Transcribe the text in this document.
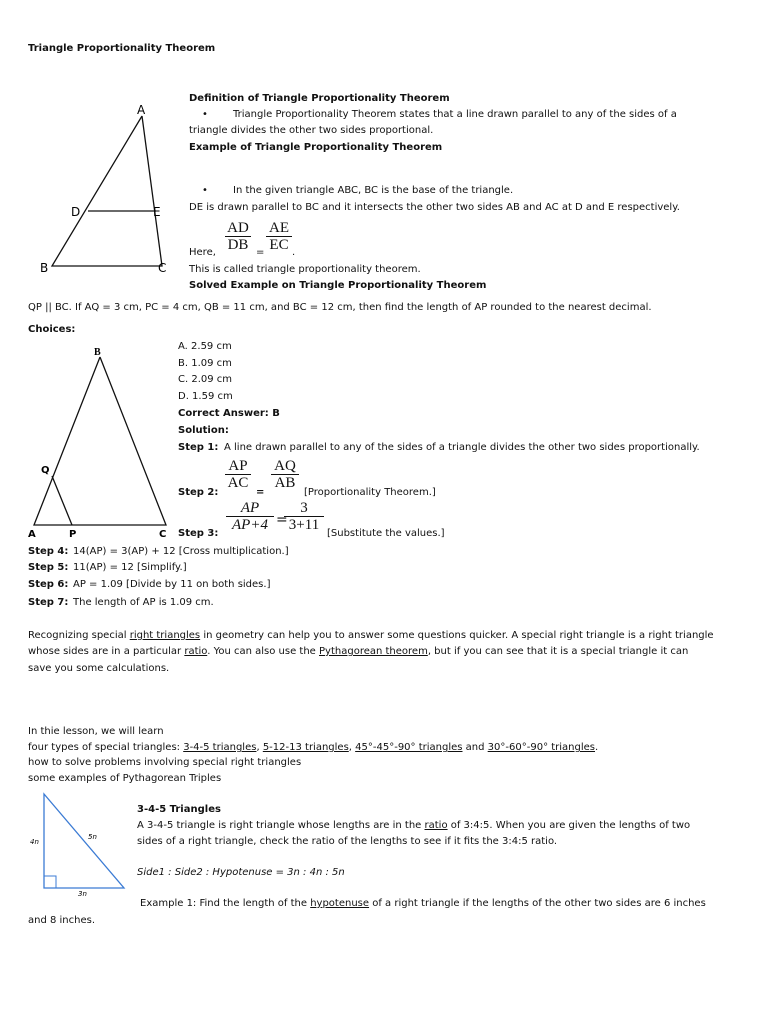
Triangle Proportionality Theorem
A
D	E
B	C
Definition of Triangle Proportionality Theorem
•	Triangle Proportionality Theorem states that a line drawn parallel to any of the sides of a
triangle divides the other two sides proportional.
Example of Triangle Proportionality Theorem
•	In the given triangle ABC, BC is the base of the triangle.
DE is drawn parallel to BC and it intersects the other two sides AB and AC at D and E respectively.
Here, $\frac{AD}{DB} = \frac{AE}{EC}$ .
This is called triangle proportionality theorem.
Solved Example on Triangle Proportionality Theorem
QP || BC. If AQ = 3 cm, PC = 4 cm, QB = 11 cm, and BC = 12 cm, then find the length of AP rounded to the nearest decimal.
Choices:
B
Q
A	P	C
A. 2.59 cm
B. 1.09 cm
C. 2.09 cm
D. 1.59 cm
Correct Answer: B
Solution:
Step 1: A line drawn parallel to any of the sides of a triangle divides the other two sides proportionally.
Step 2:
$\frac{AP}{AC}$
=
$\frac{AQ}{AB}$
[Proportionality Theorem.]
Step 3:
$\frac{AP}{AP+4}$ =
$\frac{3}{3+11}$
[Substitute the values.]
Step 4: 14(AP) = 3(AP) + 12 [Cross multiplication.]
Step 5: 11(AP) = 12 [Simplify.]
Step 6: AP = 1.09 [Divide by 11 on both sides.]
Step 7: The length of AP is 1.09 cm.
Recognizing special right triangles in geometry can help you to answer some questions quicker. A special right triangle is a right triangle
whose sides are in a particular ratio. You can also use the Pythagorean theorem, but if you can see that it is a special triangle it can
save you some calculations.
In thie lesson, we will learn
four types of special triangles: 3-4-5 triangles, 5-12-13 triangles, 45°-45°-90° triangles and 30°-60°-90° triangles.
how to solve problems involving special right triangles
some examples of Pythagorean Triples
4n
5n
3n
3-4-5 Triangles
A 3-4-5 triangle is right triangle whose lengths are in the ratio of 3:4:5. When you are given the lengths of two
sides of a right triangle, check the ratio of the lengths to see if it fits the 3:4:5 ratio.
Side1 : Side2 : Hypotenuse = 3n : 4n : 5n
Example 1: Find the length of the hypotenuse of a right triangle if the lengths of the other two sides are 6 inches
and 8 inches.
